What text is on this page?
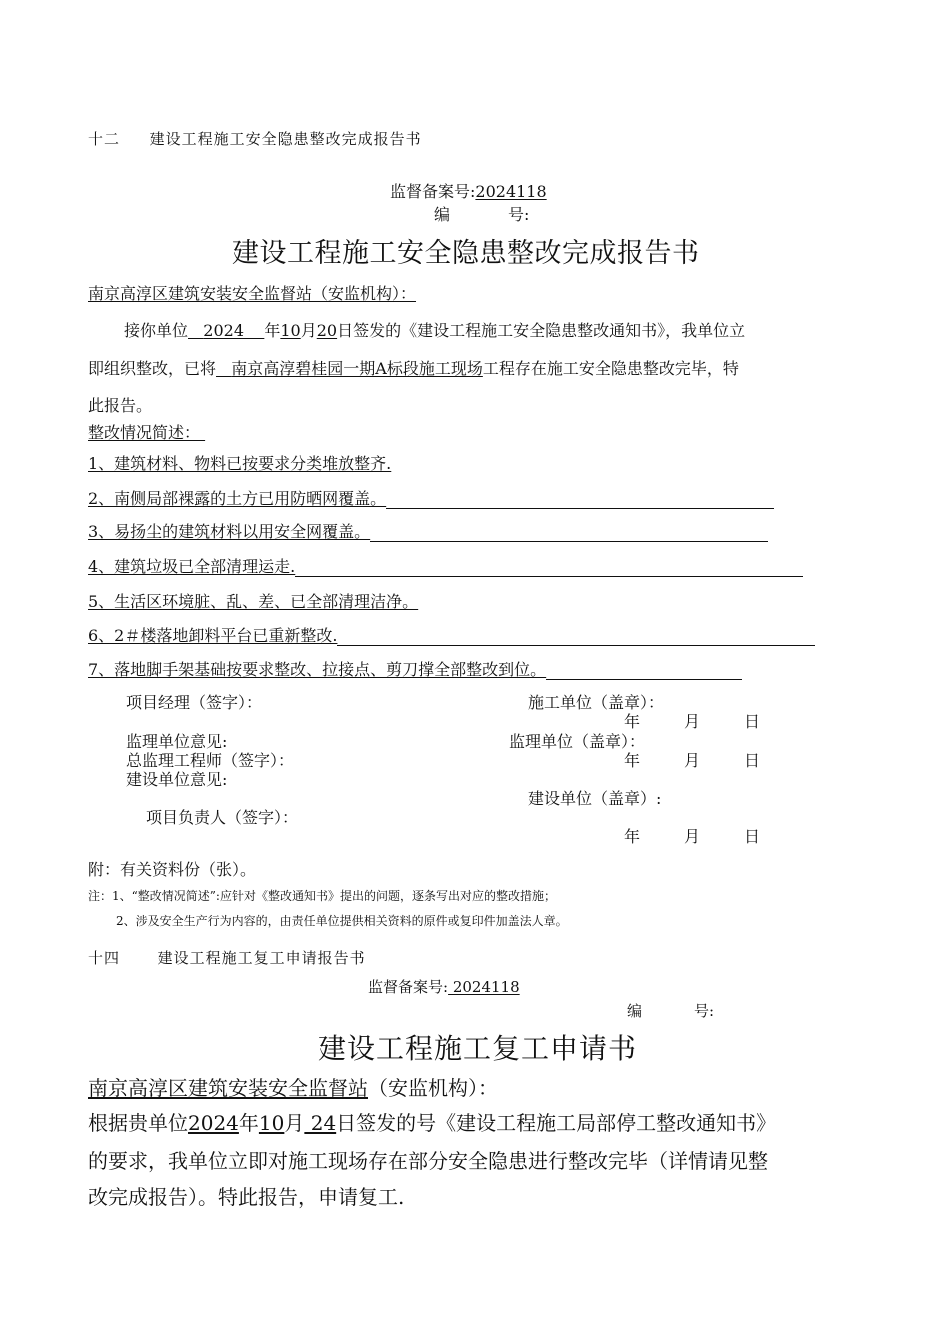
十二 建设工程施工安全隐患整改完成报告书
监督备案号:2024118
编	号:
建设工程施工安全隐患整改完成报告书
南京高淳区建筑安装安全监督站（安监机构）：
接你单位 2024 年10月20日签发的《建设工程施工安全隐患整改通知书》，我单位立
即组织整改，已将 南京高淳碧桂园一期A标段施工现场工程存在施工安全隐患整改完毕，特
此报告。
整改情况简述：
1、建筑材料、物料已按要求分类堆放整齐.
2、南侧局部裸露的土方已用防晒网覆盖。
3、易扬尘的建筑材料以用安全网覆盖。
4、建筑垃圾已全部清理运走.
5、生活区环境脏、乱、差、已全部清理洁净。
6、2＃楼落地卸料平台已重新整改.
7、落地脚手架基础按要求整改、拉接点、剪刀撑全部整改到位。
项目经理（签字）：	施工单位（盖章）：
年	月	日
监理单位意见:	监理单位（盖章）：
总监理工程师（签字）：	年	月	日
建设单位意见:
建设单位（盖章）:
项目负责人（签字）：
年	月	日
附：有关资料份（张）。
注：1、“整改情况简述”:应针对《整改通知书》提出的问题，逐条写出对应的整改措施；
2、涉及安全生产行为内容的，由责任单位提供相关资料的原件或复印件加盖法人章。
十四	建设工程施工复工申请报告书
监督备案号: 2024118
编	号:
建设工程施工复工申请书
南京高淳区建筑安装安全监督站（安监机构）：
根据贵单位2024年10月 24日签发的号《建设工程施工局部停工整改通知书》
的要求，我单位立即对施工现场存在部分安全隐患进行整改完毕（详情请见整
改完成报告）。特此报告，申请复工.
